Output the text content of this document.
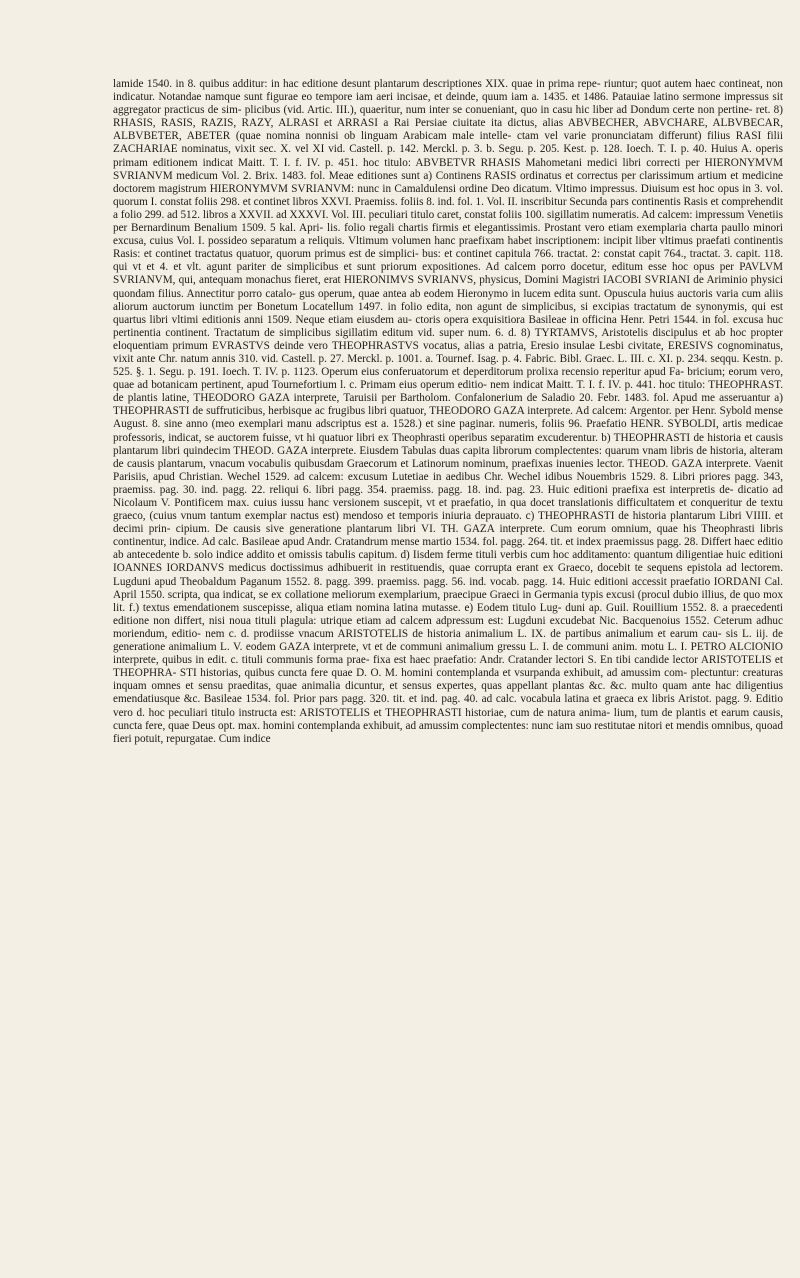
lamide 1540. in 8. quibus additur: in hac editione desunt plantarum descriptiones XIX. quae in prima repe- riuntur; quot autem haec contineat, non indicatur. Notandae namque sunt figurae eo tempore iam aeri incisae, et deinde, quum iam a. 1435. et 1486. Patauiae latino sermone impressus sit aggregator practicus de sim- plicibus (vid. Artic. III.), quaeritur, num inter se conueniant, quo in casu hic liber ad Dondum certe non pertine- ret. 8) RHASIS, RASIS, RAZIS, RAZY, ALRASI et ARRASI a Rai Persiae ciuitate ita dictus, alias ABVBECHER, ABVCHARE, ALBVBECAR, ALBVBETER, ABETER (quae nomina nonnisi ob linguam Arabicam male intelle- ctam vel varie pronunciatam differunt) filius RASI filii ZACHARIAE nominatus, vixit sec. X. vel XI vid. Castell. p. 142. Merckl. p. 3. b. Segu. p. 205. Kest. p. 128. Ioech. T. I. p. 40. Huius A. operis primam editionem indicat Maitt. T. I. f. IV. p. 451. hoc titulo: ABVBETVR RHASIS Mahometani medici libri correcti per HIERONYMVM SVRIANVM medicum Vol. 2. Brix. 1483. fol. Meae editiones sunt a) Continens RASIS ordinatus et correctus per clarissimum artium et medicine doctorem magistrum HIERONYMVM SVRIANVM: nunc in Camaldulensi ordine Deo dicatum. Vltimo impressus. Diuisum est hoc opus in 3. vol. quorum I. constat foliis 298. et continet libros XXVI. Praemiss. foliis 8. ind. fol. 1. Vol. II. inscribitur Secunda pars continentis Rasis et comprehendit a folio 299. ad 512. libros a XXVII. ad XXXVI. Vol. III. peculiari titulo caret, constat foliis 100. sigillatim numeratis. Ad calcem: impressum Venetiis per Bernardinum Benalium 1509. 5 kal. Apri- lis. folio regali chartis firmis et elegantissimis. Prostant vero etiam exemplaria charta paullo minori excusa, cuius Vol. I. possideo separatum a reliquis. Vltimum volumen hanc praefixam habet inscriptionem: incipit liber vltimus praefati continentis Rasis: et continet tractatus quatuor, quorum primus est de simplici- bus: et continet capitula 766. tractat. 2: constat capit 764., tractat. 3. capit. 118. qui vt et 4. et vlt. agunt pariter de simplicibus et sunt priorum expositiones. Ad calcem porro docetur, editum esse hoc opus per PAVLVM SVRIANVM, qui, antequam monachus fieret, erat HIERONIMVS SVRIANVS, physicus, Domini Magistri IACOBI SVRIANI de Ariminio physici quondam filius. Annectitur porro catalo- gus operum, quae antea ab eodem Hieronymo in lucem edita sunt. Opuscula huius auctoris varia cum aliis aliorum auctorum iunctim per Bonetum Locatellum 1497. in folio edita, non agunt de simplicibus, si excipias tractatum de synonymis, qui est quartus libri vltimi editionis anni 1509. Neque etiam eiusdem au- ctoris opera exquisitiora Basileae in officina Henr. Petri 1544. in fol. excusa huc pertinentia continent. Tractatum de simplicibus sigillatim editum vid. super num. 6. d. 8) TYRTAMVS, Aristotelis discipulus et ab hoc propter eloquentiam primum EVRASTVS deinde vero THEOPHRASTVS vocatus, alias a patria, Eresio insulae Lesbi civitate, ERESIVS cognominatus, vixit ante Chr. natum annis 310. vid. Castell. p. 27. Merckl. p. 1001. a. Tournef. Isag. p. 4. Fabric. Bibl. Graec. L. III. c. XI. p. 234. seqqu. Kestn. p. 525. §. 1. Segu. p. 191. Ioech. T. IV. p. 1123. Operum eius conferuatorum et deperditorum prolixa recensio reperitur apud Fa- bricium; eorum vero, quae ad botanicam pertinent, apud Tournefortium l. c. Primam eius operum editio- nem indicat Maitt. T. I. f. IV. p. 441. hoc titulo: THEOPHRAST. de plantis latine, THEODORO GAZA interprete, Taruisii per Bartholom. Confalonerium de Saladio 20. Febr. 1483. fol. Apud me asseruantur a) THEOPHRASTI de suffruticibus, herbisque ac frugibus libri quatuor, THEODORO GAZA interprete. Ad calcem: Argentor. per Henr. Sybold mense August. 8. sine anno (meo exemplari manu adscriptus est a. 1528.) et sine paginar. numeris, foliis 96. Praefatio HENR. SYBOLDI, artis medicae professoris, indicat, se auctorem fuisse, vt hi quatuor libri ex Theophrasti operibus separatim excuderentur. b) THEOPHRASTI de historia et causis plantarum libri quindecim THEOD. GAZA interprete. Eiusdem Tabulas duas capita librorum complectentes: quarum vnam libris de historia, alteram de causis plantarum, vnacum vocabulis quibusdam Graecorum et Latinorum nominum, praefixas inuenies lector. THEOD. GAZA interprete. Vaenit Parisiis, apud Christian. Wechel 1529. ad calcem: excusum Lutetiae in aedibus Chr. Wechel idibus Nouembris 1529. 8. Libri priores pagg. 343, praemiss. pag. 30. ind. pagg. 22. reliqui 6. libri pagg. 354. praemiss. pagg. 18. ind. pag. 23. Huic editioni praefixa est interpretis de- dicatio ad Nicolaum V. Pontificem max. cuius iussu hanc versionem suscepit, vt et praefatio, in qua docet translationis difficultatem et conqueritur de textu graeco, (cuius vnum tantum exemplar nactus est) mendoso et temporis iniuria deprauato. c) THEOPHRASTI de historia plantarum Libri VIIII. et decimi prin- cipium. De causis sive generatione plantarum libri VI. TH. GAZA interprete. Cum eorum omnium, quae his Theophrasti libris continentur, indice. Ad calc. Basileae apud Andr. Cratandrum mense martio 1534. fol. pagg. 264. tit. et index praemissus pagg. 28. Differt haec editio ab antecedente b. solo indice addito et omissis tabulis capitum. d) Iisdem ferme tituli verbis cum hoc additamento: quantum diligentiae huic editioni IOANNES IORDANVS medicus doctissimus adhibuerit in restituendis, quae corrupta erant ex Graeco, docebit te sequens epistola ad lectorem. Lugduni apud Theobaldum Paganum 1552. 8. pagg. 399. praemiss. pagg. 56. ind. vocab. pagg. 14. Huic editioni accessit praefatio IORDANI Cal. April 1550. scripta, qua indicat, se ex collatione meliorum exemplarium, praecipue Graeci in Germania typis excusi (procul dubio illius, de quo mox lit. f.) textus emendationem suscepisse, aliqua etiam nomina latina mutasse. e) Eodem titulo Lug- duni ap. Guil. Rouillium 1552. 8. a praecedenti editione non differt, nisi noua tituli plagula: utrique etiam ad calcem adpressum est: Lugduni excudebat Nic. Bacquenoius 1552. Ceterum adhuc moriendum, editio- nem c. d. prodiisse vnacum ARISTOTELIS de historia animalium L. IX. de partibus animalium et earum cau- sis L. iij. de generatione animalium L. V. eodem GAZA interprete, vt et de communi animalium gressu L. I. de communi anim. motu L. I. PETRO ALCIONIO interprete, quibus in edit. c. tituli communis forma prae- fixa est haec praefatio: Andr. Cratander lectori S. En tibi candide lector ARISTOTELIS et THEOPHRA- STI historias, quibus cuncta fere quae D. O. M. homini contemplanda et vsurpanda exhibuit, ad amussim com- plectuntur: creaturas inquam omnes et sensu praeditas, quae animalia dicuntur, et sensus expertes, quas appellant plantas &c. &c. multo quam ante hac diligentius emendatiusque &c. Basileae 1534. fol. Prior pars pagg. 320. tit. et ind. pag. 40. ad calc. vocabula latina et graeca ex libris Aristot. pagg. 9. Editio vero d. hoc peculiari titulo instructa est: ARISTOTELIS et THEOPHRASTI historiae, cum de natura anima- lium, tum de plantis et earum causis, cuncta fere, quae Deus opt. max. homini contemplanda exhibuit, ad amussim complectentes: nunc iam suo restitutae nitori et mendis omnibus, quoad fieri potuit, repurgatae. Cum indice
